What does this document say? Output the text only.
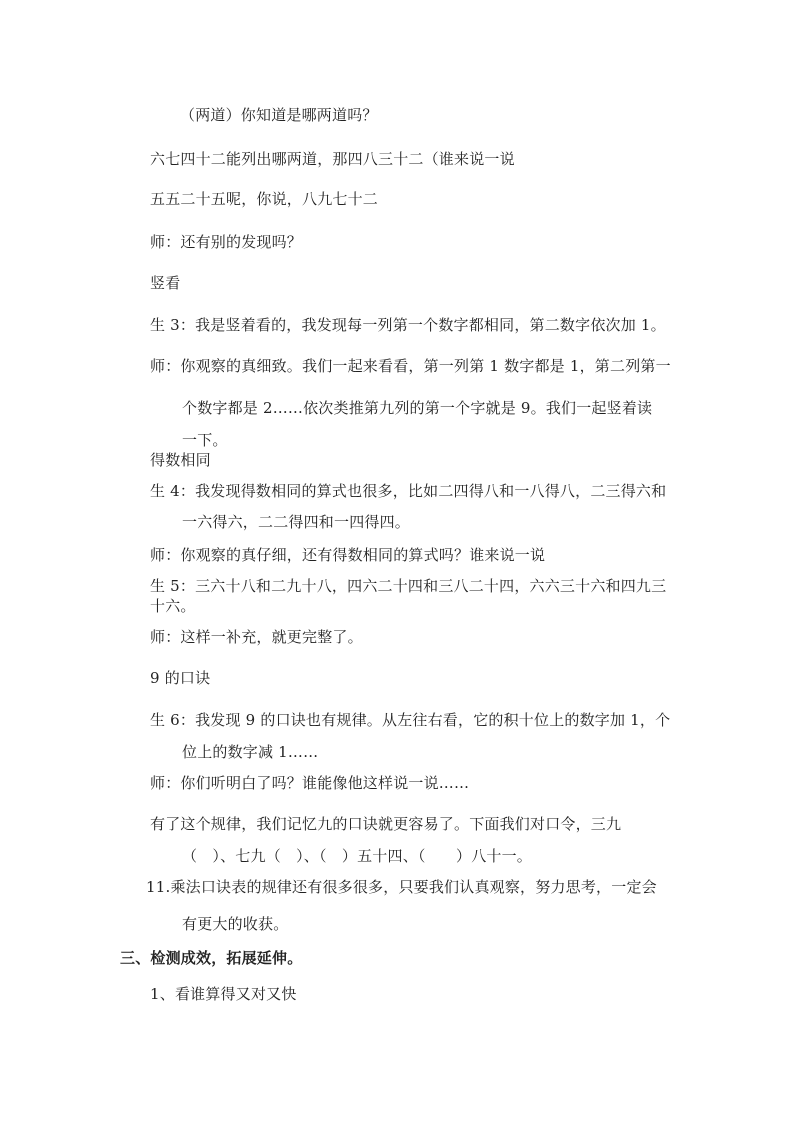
（两道）你知道是哪两道吗？
六七四十二能列出哪两道，那四八三十二（谁来说一说
五五二十五呢，你说，八九七十二
师：还有别的发现吗？
竖看
生 3：我是竖着看的，我发现每一列第一个数字都相同，第二数字依次加 1。
师：你观察的真细致。我们一起来看看，第一列第 1 数字都是 1，第二列第一
个数字都是 2……依次类推第九列的第一个字就是 9。我们一起竖着读
一下。
得数相同
生 4：我发现得数相同的算式也很多，比如二四得八和一八得八，二三得六和
一六得六，二二得四和一四得四。
师：你观察的真仔细，还有得数相同的算式吗？谁来说一说
生 5：三六十八和二九十八，四六二十四和三八二十四，六六三十六和四九三
十六。
师：这样一补充，就更完整了。
9 的口诀
生 6：我发现 9 的口诀也有规律。从左往右看，它的积十位上的数字加 1，个
位上的数字减 1……
师：你们听明白了吗？谁能像他这样说一说……
有了这个规律，我们记忆九的口诀就更容易了。下面我们对口令，三九
（　）、七九（　）、（　）五十四、（　　）八十一。
11.乘法口诀表的规律还有很多很多，只要我们认真观察，努力思考，一定会
有更大的收获。
三、检测成效，拓展延伸。
1、看谁算得又对又快
